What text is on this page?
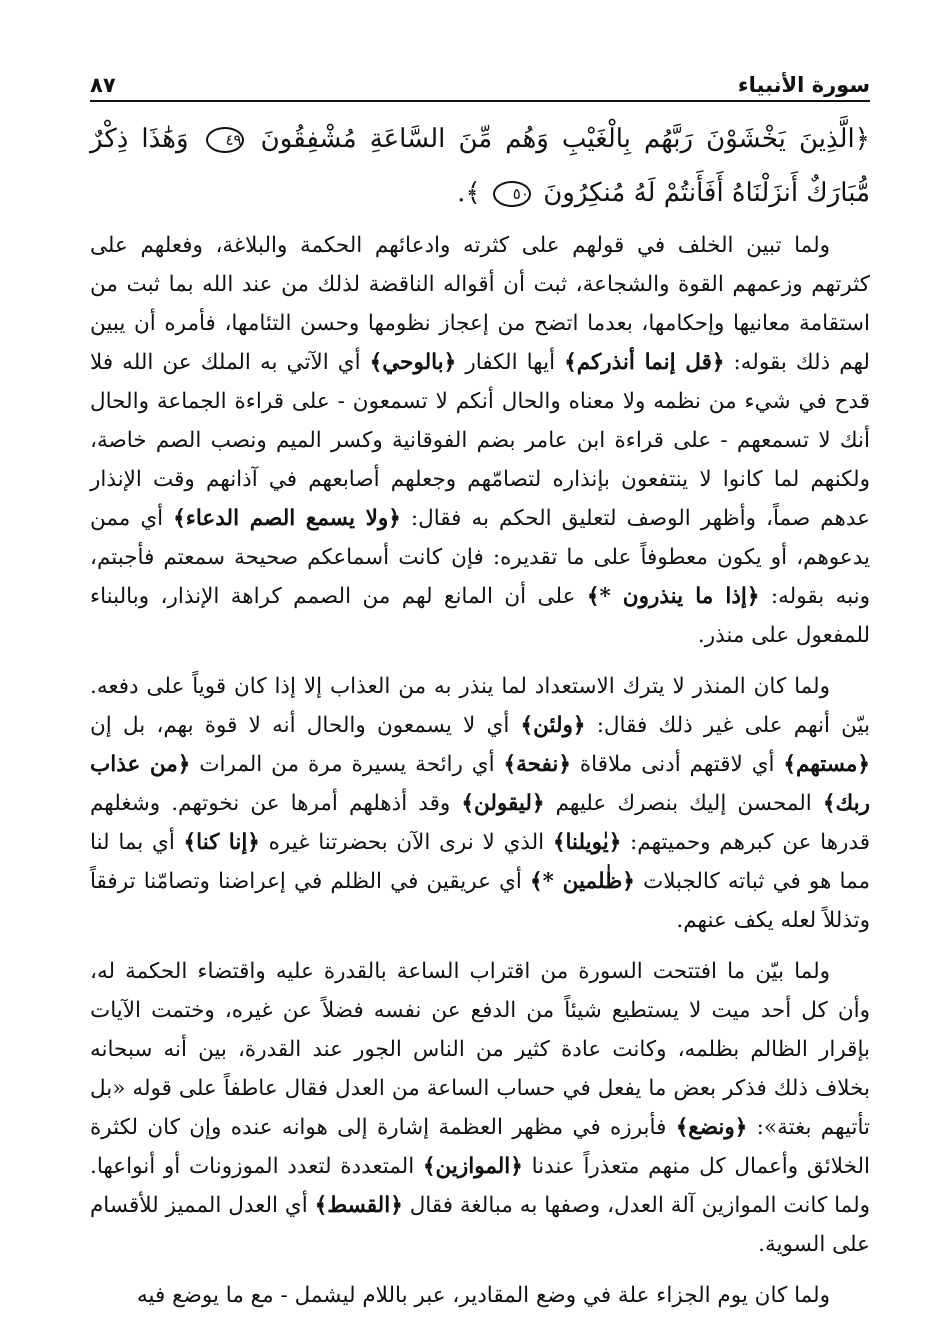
سورة الأنبياء
٨٧
﴿الَّذِينَ يَخْشَوْنَ رَبَّهُم بِالْغَيْبِ وَهُم مِّنَ السَّاعَةِ مُشْفِقُونَ ٤٩ وَهَٰذَا ذِكْرٌ مُّبَارَكٌ أَنزَلْنَاهُ أَفَأَنتُمْ لَهُ مُنكِرُونَ ٥٠ ﴾.

ولما تبين الخلف في قولهم على كثرته وادعائهم الحكمة والبلاغة، وفعلهم على كثرتهم وزعمهم القوة والشجاعة، ثبت أن أقواله الناقضة لذلك من عند الله بما ثبت من استقامة معانيها وإحكامها، بعدما اتضح من إعجاز نظومها وحسن التئامها، فأمره أن يبين لهم ذلك بقوله: ﴿قل إنما أنذركم﴾ أيها الكفار ﴿بالوحي﴾ أي الآتي به الملك عن الله فلا قدح في شيء من نظمه ولا معناه والحال أنكم لا تسمعون - على قراءة الجماعة والحال أنك لا تسمعهم - على قراءة ابن عامر بضم الفوقانية وكسر الميم ونصب الصم خاصة، ولكنهم لما كانوا لا ينتفعون بإنذاره لتصامّهم وجعلهم أصابعهم في آذانهم وقت الإنذار عدهم صماً، وأظهر الوصف لتعليق الحكم به فقال: ﴿ولا يسمع الصم الدعاء﴾ أي ممن يدعوهم، أو يكون معطوفاً على ما تقديره: فإن كانت أسماعكم صحيحة سمعتم فأجبتم، ونبه بقوله: ﴿إذا ما ينذرون *﴾ على أن المانع لهم من الصمم كراهة الإنذار، وبالبناء للمفعول على منذر.

ولما كان المنذر لا يترك الاستعداد لما ينذر به من العذاب إلا إذا كان قوياً على دفعه. بيّن أنهم على غير ذلك فقال: ﴿ولئن﴾ أي لا يسمعون والحال أنه لا قوة بهم، بل إن ﴿مستهم﴾ أي لاقتهم أدنى ملاقاة ﴿نفحة﴾ أي رائحة يسيرة مرة من المرات ﴿من عذاب ربك﴾ المحسن إليك بنصرك عليهم ﴿ليقولن﴾ وقد أذهلهم أمرها عن نخوتهم. وشغلهم قدرها عن كبرهم وحميتهم: ﴿يٰويلنا﴾ الذي لا نرى الآن بحضرتنا غيره ﴿إنا كنا﴾ أي بما لنا مما هو في ثباته كالجبلات ﴿ظٰلمين *﴾ أي عريقين في الظلم في إعراضنا وتصامّنا ترفقاً وتذللاً لعله يكف عنهم.

ولما بيّن ما افتتحت السورة من اقتراب الساعة بالقدرة عليه واقتضاء الحكمة له، وأن كل أحد ميت لا يستطيع شيئاً من الدفع عن نفسه فضلاً عن غيره، وختمت الآيات بإقرار الظالم بظلمه، وكانت عادة كثير من الناس الجور عند القدرة، بين أنه سبحانه بخلاف ذلك فذكر بعض ما يفعل في حساب الساعة من العدل فقال عاطفاً على قوله «بل تأتيهم بغتة»: ﴿ونضع﴾ فأبرزه في مظهر العظمة إشارة إلى هوانه عنده وإن كان لكثرة الخلائق وأعمال كل منهم متعذراً عندنا ﴿الموازين﴾ المتعددة لتعدد الموزونات أو أنواعها. ولما كانت الموازين آلة العدل، وصفها به مبالغة فقال ﴿القسط﴾ أي العدل المميز للأقسام على السوية.

ولما كان يوم الجزاء علة في وضع المقادير، عبر باللام ليشمل - مع ما يوضع فيه
